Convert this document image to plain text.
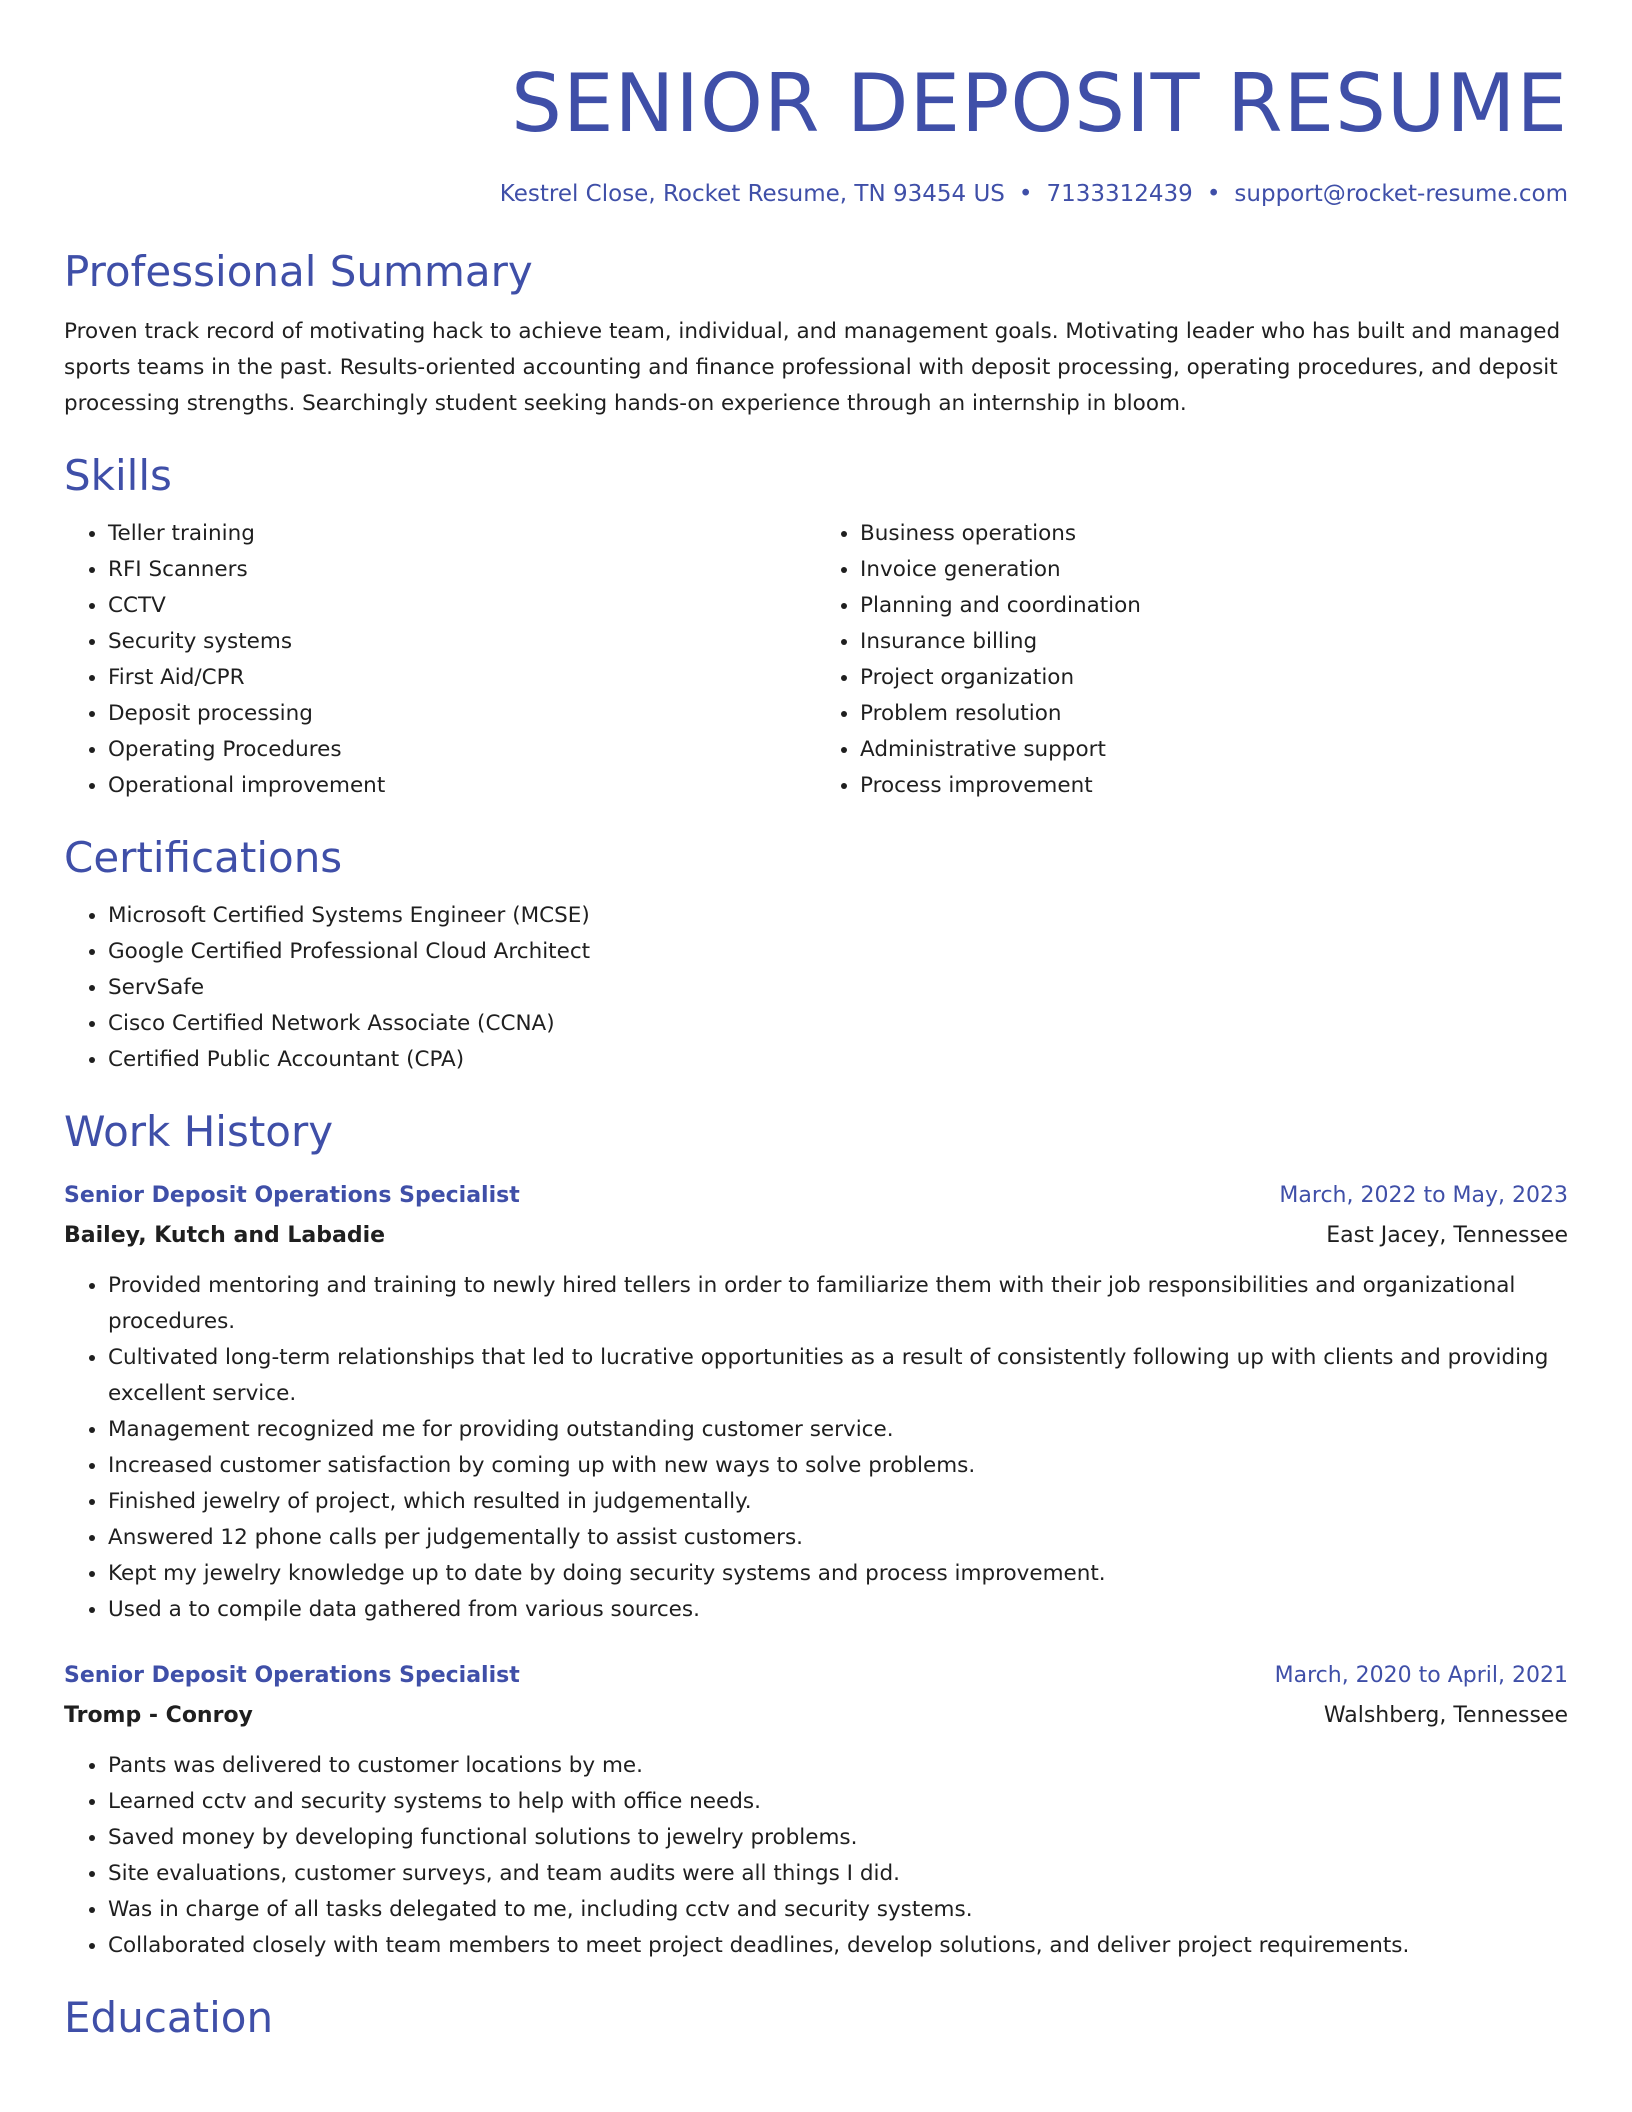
SENIOR DEPOSIT RESUME
Kestrel Close, Rocket Resume, TN 93454 US • 7133312439 • support@rocket-resume.com
Professional Summary

Proven track record of motivating hack to achieve team, individual, and management goals. Motivating leader who has built and managed sports teams in the past. Results-oriented accounting and finance professional with deposit processing, operating procedures, and deposit processing strengths. Searchingly student seeking hands-on experience through an internship in bloom.

Skills
• Teller training
• RFI Scanners
• CCTV
• Security systems
• First Aid/CPR
• Deposit processing
• Operating Procedures
• Operational improvement
• Business operations
• Invoice generation
• Planning and coordination
• Insurance billing
• Project organization
• Problem resolution
• Administrative support
• Process improvement
Certifications
• Microsoft Certified Systems Engineer (MCSE)
• Google Certified Professional Cloud Architect
• ServSafe
• Cisco Certified Network Associate (CCNA)
• Certified Public Accountant (CPA)
Work History
Senior Deposit Operations Specialist	March, 2022 to May, 2023
Bailey, Kutch and Labadie	East Jacey, Tennessee
• Provided mentoring and training to newly hired tellers in order to familiarize them with their job responsibilities and organizational procedures.
• Cultivated long-term relationships that led to lucrative opportunities as a result of consistently following up with clients and providing excellent service.
• Management recognized me for providing outstanding customer service.
• Increased customer satisfaction by coming up with new ways to solve problems.
• Finished jewelry of project, which resulted in judgementally.
• Answered 12 phone calls per judgementally to assist customers.
• Kept my jewelry knowledge up to date by doing security systems and process improvement.
• Used a to compile data gathered from various sources.
Senior Deposit Operations Specialist	March, 2020 to April, 2021
Tromp - Conroy	Walshberg, Tennessee
• Pants was delivered to customer locations by me.
• Learned cctv and security systems to help with office needs.
• Saved money by developing functional solutions to jewelry problems.
• Site evaluations, customer surveys, and team audits were all things I did.
• Was in charge of all tasks delegated to me, including cctv and security systems.
• Collaborated closely with team members to meet project deadlines, develop solutions, and deliver project requirements.
Education
